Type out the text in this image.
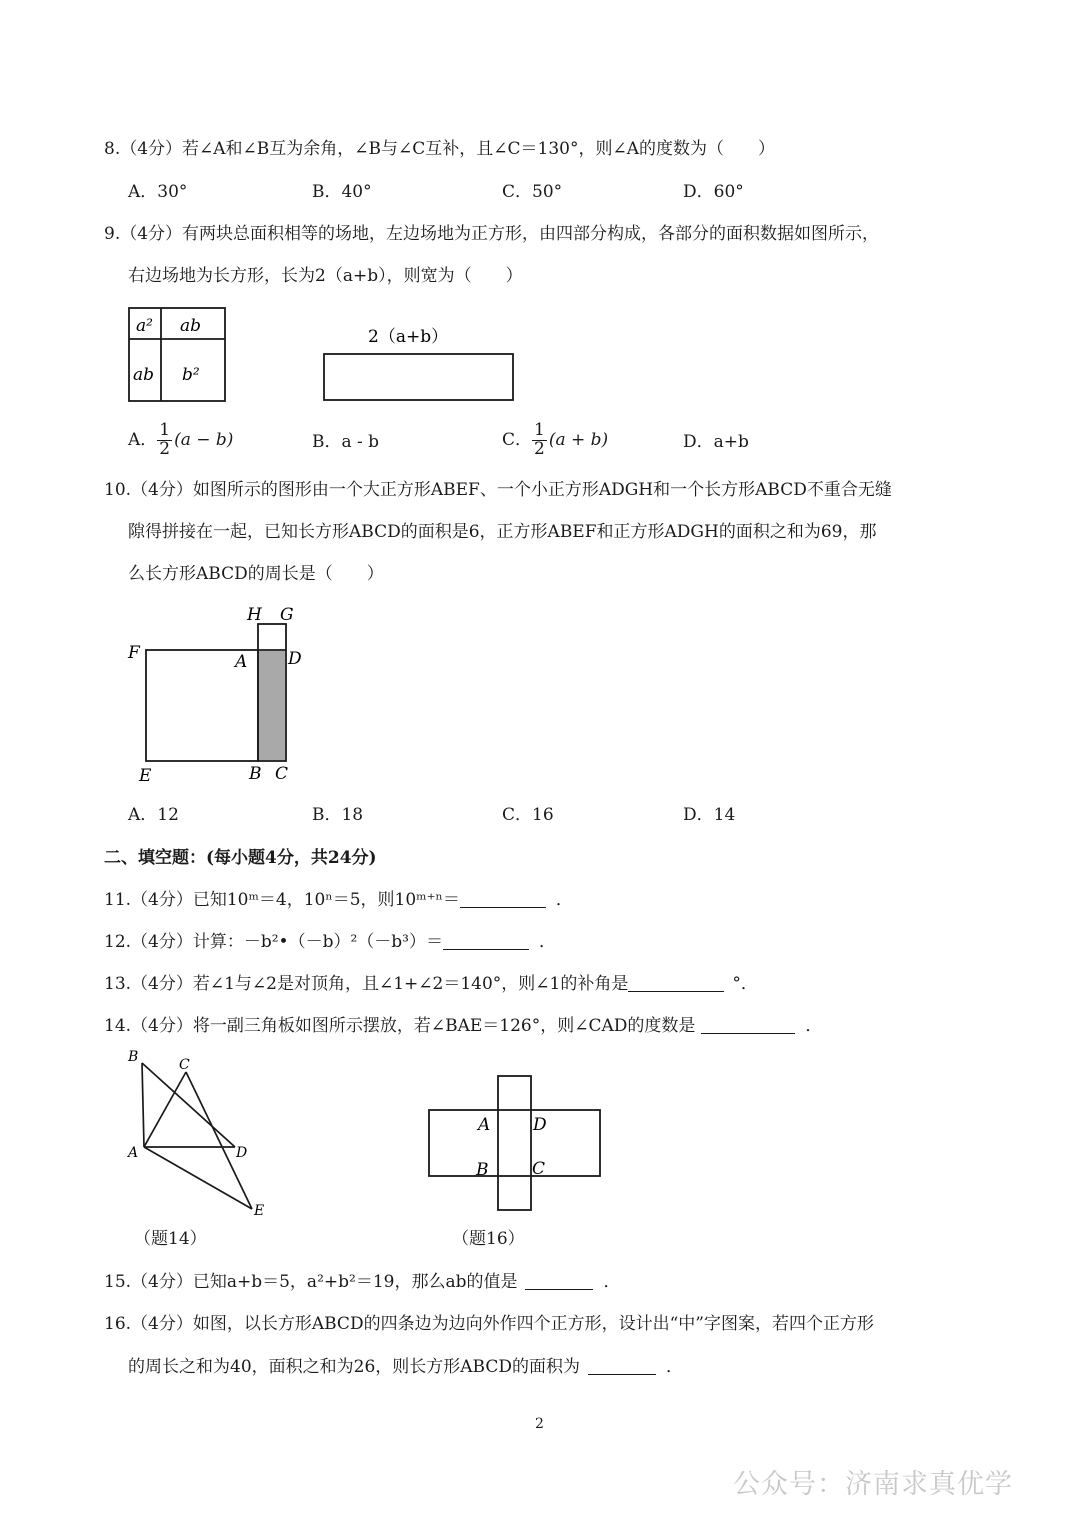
8.（4分）若∠A和∠B互为余角，∠B与∠C互补，且∠C＝130°，则∠A的度数为（　　）
A．30°	B．40°	C．50°	D．60°
9.（4分）有两块总面积相等的场地，左边场地为正方形，由四部分构成，各部分的面积数据如图所示，
右边场地为长方形，长为2（a+b），则宽为（　　）
a² ab
ab b²
2（a+b）
A． $\frac{1}{2} (a - b)$	B．a - b	C． $\frac{1}{2} (a + b)$	D．a+b
10.（4分）如图所示的图形由一个大正方形ABEF、一个小正方形ADGH和一个长方形ABCD不重合无缝
隙得拼接在一起，已知长方形ABCD的面积是6，正方形ABEF和正方形ADGH的面积之和为69，那
么长方形ABCD的周长是（　　）
H G
F	A D
E	B C
A．12	B．18	C．16	D．14
二、填空题：(每小题4分，共24分)
11.（4分）已知10ᵐ＝4，10ⁿ＝5，则10ᵐ⁺ⁿ＝	．
12.（4分）计算：－b²•（－b）²（－b³）＝	．
13.（4分）若∠1与∠2是对顶角，且∠1+∠2＝140°，则∠1的补角是	°．
14.（4分）将一副三角板如图所示摆放，若∠BAE＝126°，则∠CAD的度数是	．
B	C
A	D
E
（题14）
A	D
B	C
（题16）
15.（4分）已知a+b＝5，a²+b²＝19，那么ab的值是	．
16.（4分）如图，以长方形ABCD的四条边为边向外作四个正方形，设计出“中”字图案，若四个正方形
的周长之和为40，面积之和为26，则长方形ABCD的面积为	．
2
公众号：济南求真优学
